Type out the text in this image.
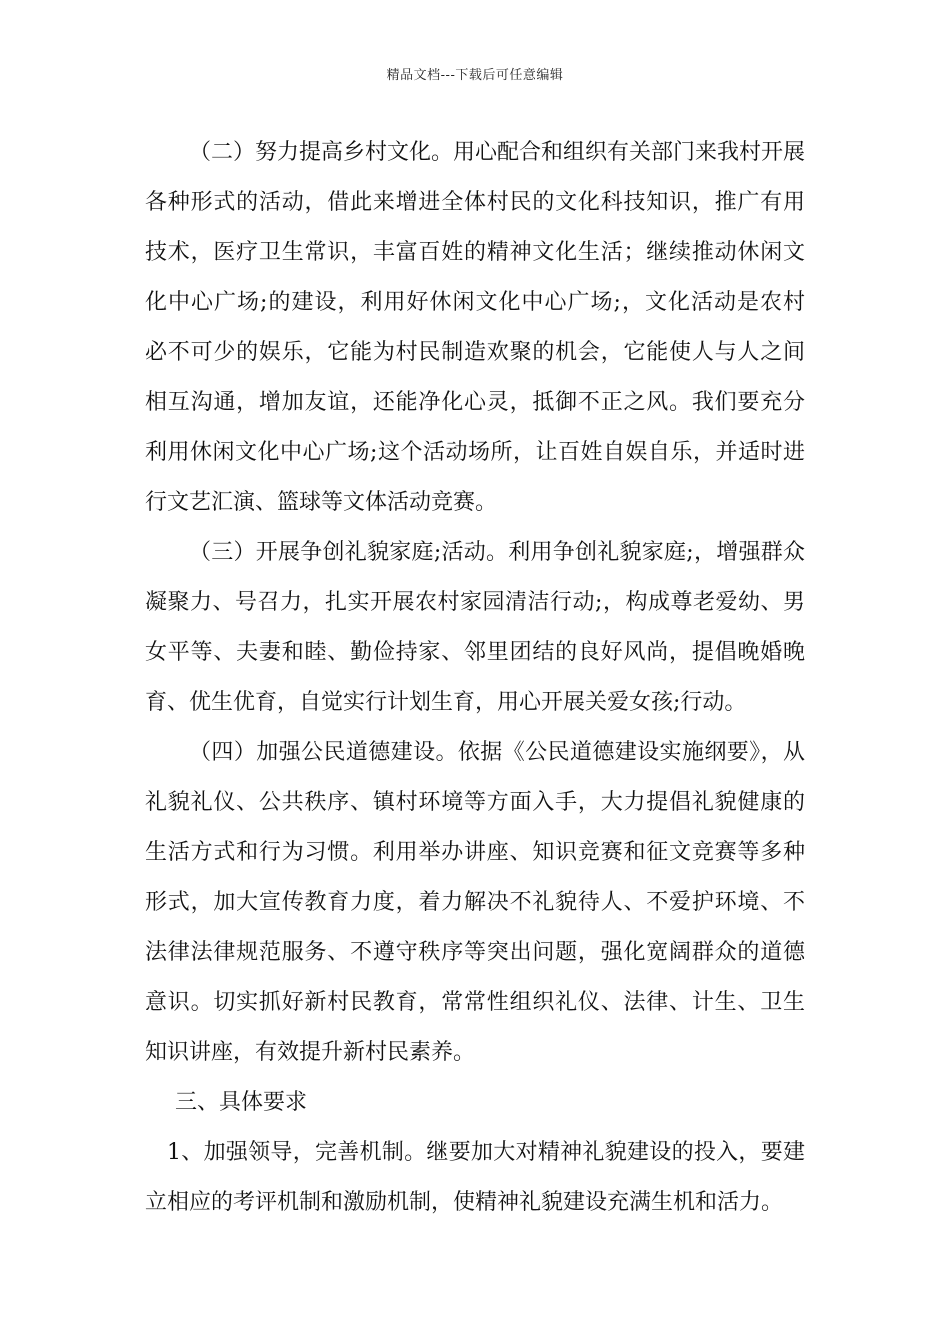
精品文档---下载后可任意编辑
（二）努力提高乡村文化。用心配合和组织有关部门来我村开展
各种形式的活动，借此来增进全体村民的文化科技知识，推广有用
技术，医疗卫生常识，丰富百姓的精神文化生活；继续推动休闲文
化中心广场;的建设，利用好休闲文化中心广场;，文化活动是农村
必不可少的娱乐，它能为村民制造欢聚的机会，它能使人与人之间
相互沟通，增加友谊，还能净化心灵，抵御不正之风。我们要充分
利用休闲文化中心广场;这个活动场所，让百姓自娱自乐，并适时进
行文艺汇演、篮球等文体活动竞赛。
（三）开展争创礼貌家庭;活动。利用争创礼貌家庭;，增强群众
凝聚力、号召力，扎实开展农村家园清洁行动;，构成尊老爱幼、男
女平等、夫妻和睦、勤俭持家、邻里团结的良好风尚，提倡晚婚晚
育、优生优育，自觉实行计划生育，用心开展关爱女孩;行动。
（四）加强公民道德建设。依据《公民道德建设实施纲要》，从
礼貌礼仪、公共秩序、镇村环境等方面入手，大力提倡礼貌健康的
生活方式和行为习惯。利用举办讲座、知识竞赛和征文竞赛等多种
形式，加大宣传教育力度，着力解决不礼貌待人、不爱护环境、不
法律法律规范服务、不遵守秩序等突出问题，强化宽阔群众的道德
意识。切实抓好新村民教育，常常性组织礼仪、法律、计生、卫生
知识讲座，有效提升新村民素养。
三、具体要求
1、加强领导，完善机制。继要加大对精神礼貌建设的投入，要建
立相应的考评机制和激励机制，使精神礼貌建设充满生机和活力。
